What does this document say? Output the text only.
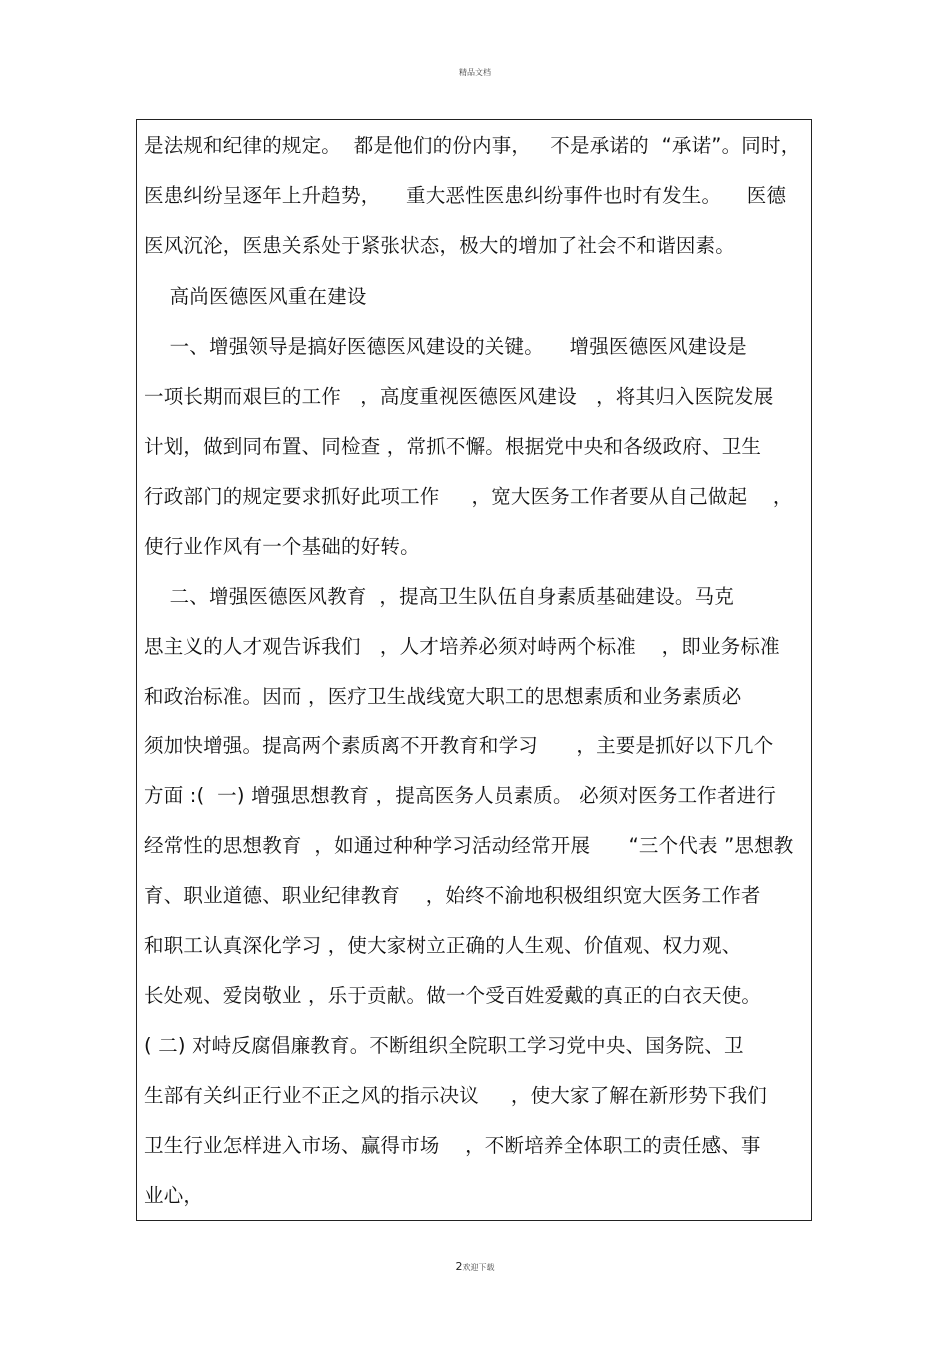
精品文档
是法规和纪律的规定。  都是他们的份内事，   不是承诺的  “承诺”。同时，
医患纠纷呈逐年上升趋势，    重大恶性医患纠纷事件也时有发生。    医德
医风沉沦，医患关系处于紧张状态，极大的增加了社会不和谐因素。
高尚医德医风重在建设
一、增强领导是搞好医德医风建设的关键。    增强医德医风建设是
一项长期而艰巨的工作   ，高度重视医德医风建设   ，将其归入医院发展
计划，做到同布置、同检查 ，常抓不懈。根据党中央和各级政府、卫生
行政部门的规定要求抓好此项工作     ，宽大医务工作者要从自己做起    ，
使行业作风有一个基础的好转。
二、增强医德医风教育  ，提高卫生队伍自身素质基础建设。马克
思主义的人才观告诉我们   ，人才培养必须对峙两个标准    ，即业务标准
和政治标准。因而 ，医疗卫生战线宽大职工的思想素质和业务素质必
须加快增强。提高两个素质离不开教育和学习      ，主要是抓好以下几个
方面 :(  一) 增强思想教育 ，提高医务人员素质。 必须对医务工作者进行
经常性的思想教育  ，如通过种种学习活动经常开展      “三个代表 ”思想教
育、职业道德、职业纪律教育    ，始终不渝地积极组织宽大医务工作者
和职工认真深化学习 ，使大家树立正确的人生观、价值观、权力观、
长处观、爱岗敬业 ，乐于贡献。做一个受百姓爱戴的真正的白衣天使。
( 二) 对峙反腐倡廉教育。不断组织全院职工学习党中央、国务院、卫
生部有关纠正行业不正之风的指示决议     ，使大家了解在新形势下我们
卫生行业怎样进入市场、赢得市场    ，不断培养全体职工的责任感、事
业心，
2欢迎下载
